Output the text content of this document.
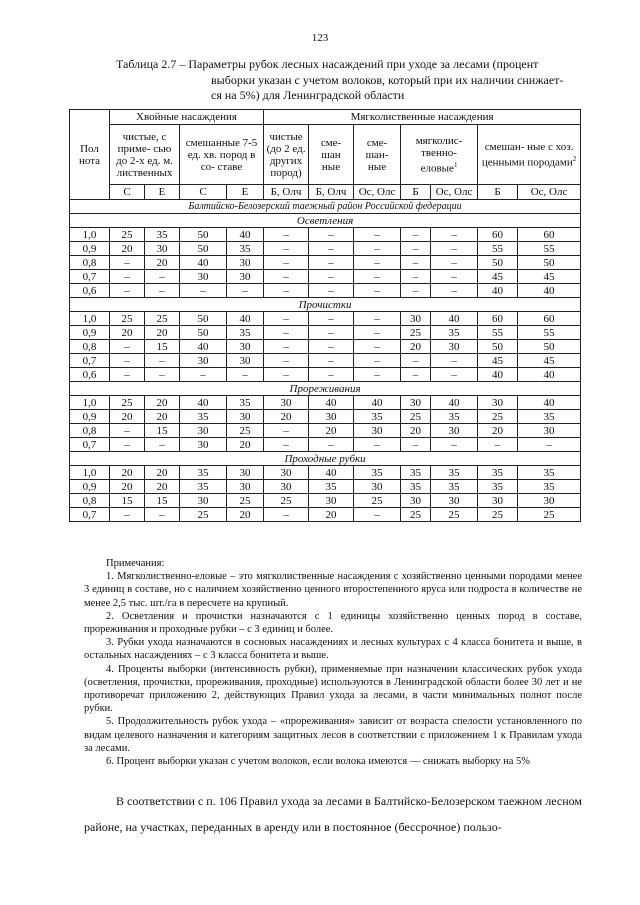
123
Таблица 2.7 – Параметры рубок лесных насаждений при уходе за лесами (процент
выборки указан с учетом волоков, который при их наличии снижает-
ся на 5%) для Ленинградской области
Пол нота	Хвойные насаждения				Мягколиственные насаждения						
	чистые, с приме- сью до 2-х ед. м. лиственных		смешанные 7-5 ед. хв. пород в со- ставе		чистые (до 2 ед. других пород)	сме- шан ные	сме- шан- ные	мягколис- твенно- еловые$^1$		смешан- ные с хоз. ценными породами$^2$
	С	Е	С	Е	Б, Олч	Б, Олч	Ос, Олс	Б	Ос, Олс	Б	Ос, Олс
Балтийско-Белозерский таежный район Российской федерации											
Осветления											
1,0	25	35	50	40	–	–	–	–	–	60	60
0,9	20	30	50	35	–	–	–	–	–	55	55
0,8	–	20	40	30	–	–	–	–	–	50	50
0,7	–	–	30	30	–	–	–	–	–	45	45
0,6	–	–	–	–	–	–	–	–	–	40	40
Прочистки											
1,0	25	25	50	40	–	–	–	30	40	60	60
0,9	20	20	50	35	–	–	–	25	35	55	55
0,8	–	15	40	30	–	–	–	20	30	50	50
0,7	–	–	30	30	–	–	–	–	–	45	45
0,6	–	–	–	–	–	–	–	–	–	40	40
Прореживания											
1,0	25	20	40	35	30	40	40	30	40	30	40
0,9	20	20	35	30	20	30	35	25	35	25	35
0,8	–	15	30	25	–	20	30	20	30	20	30
0,7	–	–	30	20	–	–	–	–	–	–	–
Проходные рубки											
1,0	20	20	35	30	30	40	35	35	35	35	35
0,9	20	20	35	30	30	35	30	35	35	35	35
0,8	15	15	30	25	25	30	25	30	30	30	30
0,7	–	–	25	20	–	20	–	25	25	25	25

Примечания:

1. Мягколиственно-еловые – это мягколиственные насаждения с хозяйственно ценными породами менее 3 единиц в составе, но с наличием хозяйственно ценного второстепенного яруса или подроста в количестве не менее 2,5 тыс. шт./га в пересчете на крупный.

2. Осветления и прочистки назначаются с 1 единицы хозяйственно ценных пород в составе, прореживания и проходные рубки – с 3 единиц и более.

3. Рубки ухода назначаются в сосновых насаждениях и лесных культурах с 4 класса бонитета и выше, в остальных насаждениях – с 3 класса бонитета и выше.

4. Проценты выборки (интенсивность рубки), применяемые при назначении классических рубок ухода (осветления, прочистки, прореживания, проходные) используются в Ленинградской области более 30 лет и не противоречат приложению 2, действующих Правил ухода за лесами, в части минимальных полнот после рубки.

5. Продолжительность рубок ухода – «прореживания» зависит от возраста спелости установленного по видам целевого назначения и категориям защитных лесов в соответствии с приложением 1 к Правилам ухода за лесами.

6. Процент выборки указан с учетом волоков, если волока имеются — снижать выборку на 5%

В соответствии с п. 106 Правил ухода за лесами в Балтийско-Белозерском таежном лесном районе, на участках, переданных в аренду или в постоянное (бессрочное) пользо-
